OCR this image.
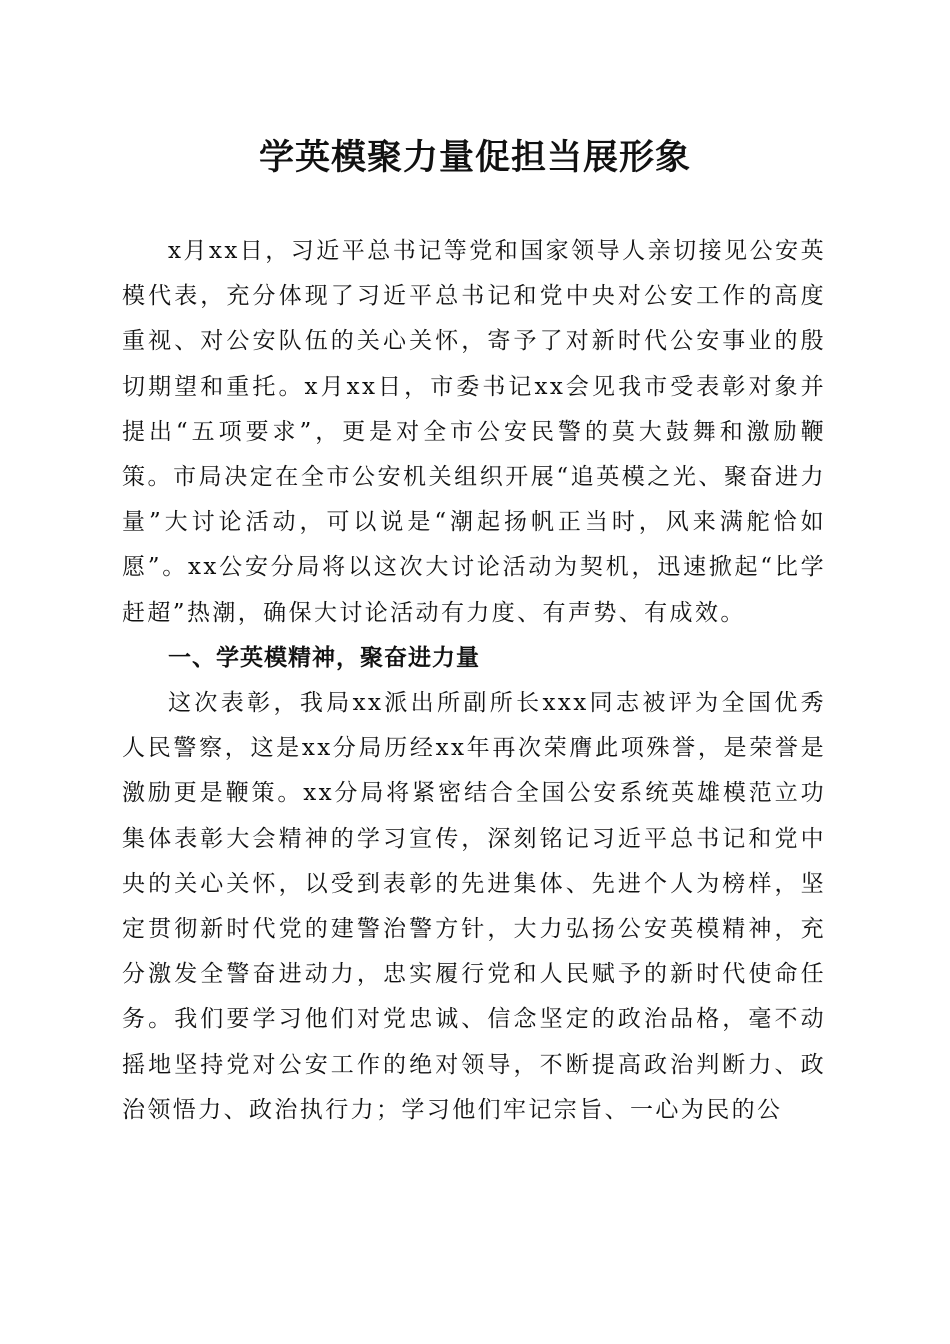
学英模聚力量促担当展形象

x月xx日，习近平总书记等党和国家领导人亲切接见公安英模代表，充分体现了习近平总书记和党中央对公安工作的高度重视、对公安队伍的关心关怀，寄予了对新时代公安事业的殷切期望和重托。x月xx日，市委书记xx会见我市受表彰对象并提出“五项要求”，更是对全市公安民警的莫大鼓舞和激励鞭策。市局决定在全市公安机关组织开展“追英模之光、聚奋进力量”大讨论活动，可以说是“潮起扬帆正当时，风来满舵恰如愿”。xx公安分局将以这次大讨论活动为契机，迅速掀起“比学赶超”热潮，确保大讨论活动有力度、有声势、有成效。

一、学英模精神，聚奋进力量

这次表彰，我局xx派出所副所长xxx同志被评为全国优秀人民警察，这是xx分局历经xx年再次荣膺此项殊誉，是荣誉是激励更是鞭策。xx分局将紧密结合全国公安系统英雄模范立功集体表彰大会精神的学习宣传，深刻铭记习近平总书记和党中央的关心关怀，以受到表彰的先进集体、先进个人为榜样，坚定贯彻新时代党的建警治警方针，大力弘扬公安英模精神，充分激发全警奋进动力，忠实履行党和人民赋予的新时代使命任务。我们要学习他们对党忠诚、信念坚定的政治品格，毫不动摇地坚持党对公安工作的绝对领导，不断提高政治判断力、政治领悟力、政治执行力；学习他们牢记宗旨、一心为民的公
